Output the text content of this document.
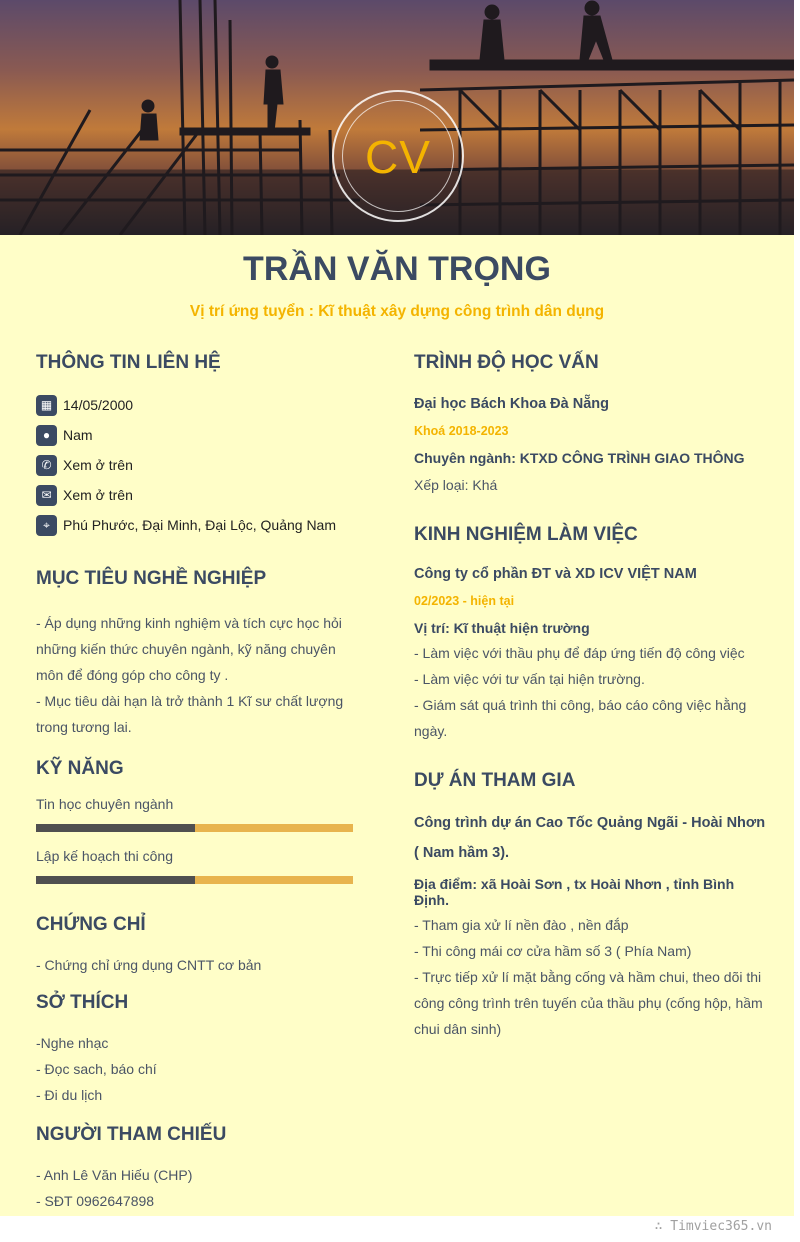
CV
TRẦN VĂN TRỌNG
Vị trí ứng tuyển : Kĩ thuật xây dựng công trình dân dụng
THÔNG TIN LIÊN HỆ
▦ 14/05/2000
● Nam
✆ Xem ở trên
✉ Xem ở trên
⌖ Phú Phước, Đại Minh, Đại Lộc, Quảng Nam
MỤC TIÊU NGHỀ NGHIỆP
- Áp dụng những kinh nghiệm và tích cực học hỏi
những kiến thức chuyên ngành, kỹ năng chuyên
môn để đóng góp cho công ty .
- Mục tiêu dài hạn là trở thành 1 Kĩ sư chất lượng
trong tương lai.
KỸ NĂNG
Tin học chuyên ngành
Lập kế hoạch thi công
CHỨNG CHỈ
- Chứng chỉ ứng dụng CNTT cơ bản
SỞ THÍCH
-Nghe nhạc
- Đọc sach, báo chí
- Đi du lịch
NGƯỜI THAM CHIẾU
- Anh Lê Văn Hiếu (CHP)
- SĐT 0962647898
TRÌNH ĐỘ HỌC VẤN
Đại học Bách Khoa Đà Nẵng
Khoá 2018-2023
Chuyên ngành: KTXD CÔNG TRÌNH GIAO THÔNG
Xếp loại: Khá
KINH NGHIỆM LÀM VIỆC
Công ty cổ phần ĐT và XD ICV VIỆT NAM
02/2023 - hiện tại
Vị trí: Kĩ thuật hiện trường
- Làm việc với thầu phụ để đáp ứng tiến độ công việc
- Làm việc với tư vấn tại hiện trường.
- Giám sát quá trình thi công, báo cáo công việc hằng
ngày.
DỰ ÁN THAM GIA
Công trình dự án Cao Tốc Quảng Ngãi - Hoài Nhơn
( Nam hầm 3).
Địa điểm: xã Hoài Sơn , tx Hoài Nhơn , tỉnh Bình Định.
- Tham gia xử lí nền đào , nền đắp
- Thi công mái cơ cửa hầm số 3 ( Phía Nam)
- Trực tiếp xử lí mặt bằng cống và hầm chui, theo dõi thi
công công trình trên tuyến của thầu phụ (cống hộp, hầm
chui dân sinh)
∴ Timviec365.vn
